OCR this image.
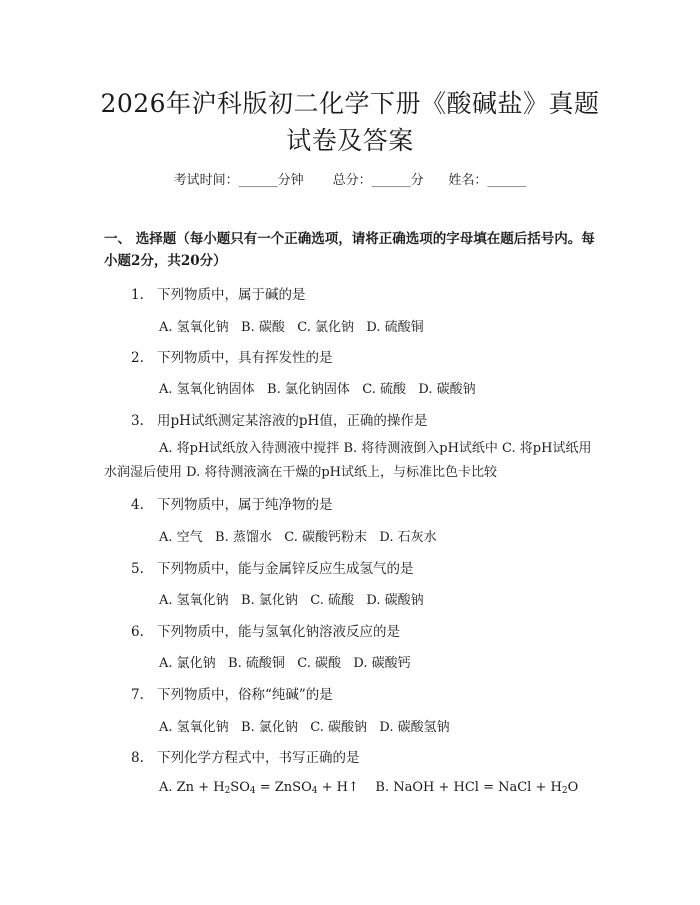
2026年沪科版初二化学下册《酸碱盐》真题
试卷及答案
考试时间：______分钟 总分：______分 姓名：______
一、 选择题（每小题只有一个正确选项，请将正确选项的字母填在题后括号内。每小题2分，共20分）
1. 下列物质中，属于碱的是
A. 氢氧化钠   B. 碳酸   C. 氯化钠   D. 硫酸铜
2. 下列物质中，具有挥发性的是
A. 氢氧化钠固体   B. 氯化钠固体   C. 硫酸   D. 碳酸钠
3. 用pH试纸测定某溶液的pH值，正确的操作是
A. 将pH试纸放入待测液中搅拌 B. 将待测液倒入pH试纸中 C. 将pH试纸用水润湿后使用 D. 将待测液滴在干燥的pH试纸上，与标准比色卡比较
4. 下列物质中，属于纯净物的是
A. 空气   B. 蒸馏水   C. 碳酸钙粉末   D. 石灰水
5. 下列物质中，能与金属锌反应生成氢气的是
A. 氢氧化钠   B. 氯化钠   C. 硫酸   D. 碳酸钠
6. 下列物质中，能与氢氧化钠溶液反应的是
A. 氯化钠   B. 硫酸铜   C. 碳酸   D. 碳酸钙
7. 下列物质中，俗称“纯碱”的是
A. 氢氧化钠   B. 氯化钠   C. 碳酸钠   D. 碳酸氢钠
8. 下列化学方程式中，书写正确的是
A. $Zn + H_2SO_4$ = ZnSO$_4$ + H↑ B. NaOH + HCl = NaCl + $H_2O$
